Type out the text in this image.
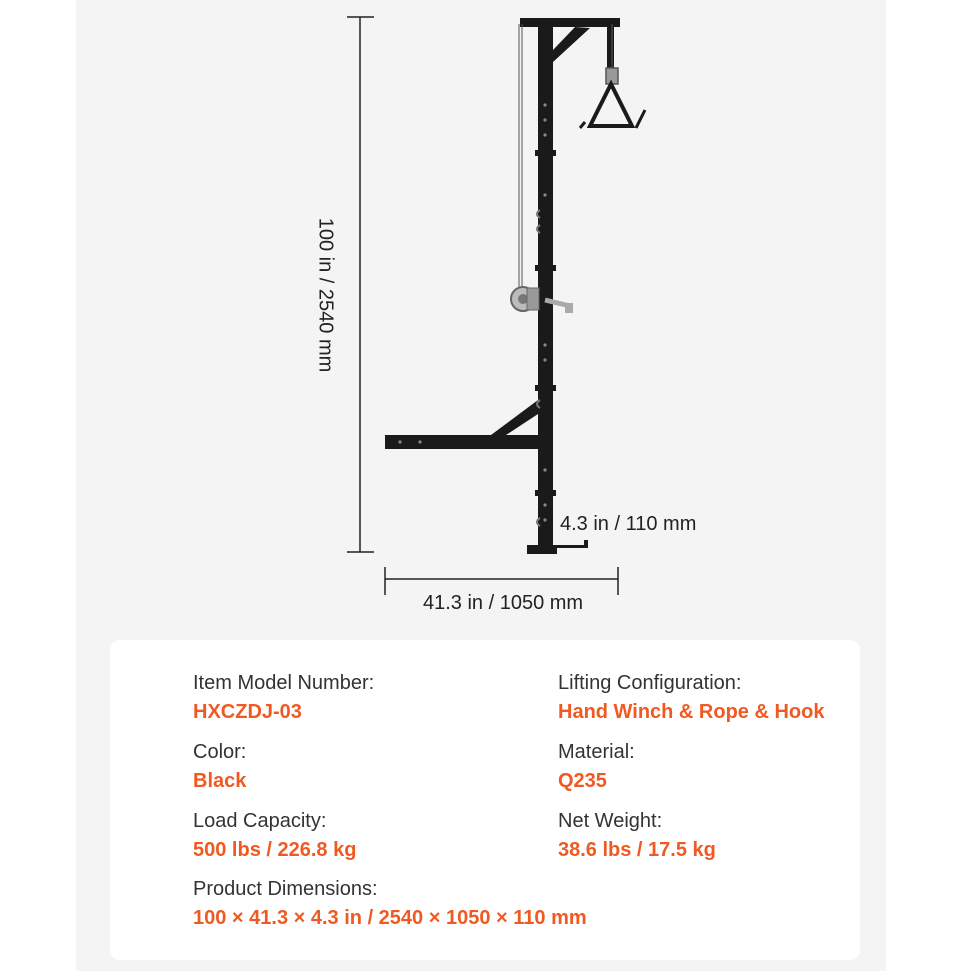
100 in / 2540 mm
41.3 in / 1050 mm
4.3 in / 110 mm
Item Model Number:
HXCZDJ-03
Lifting Configuration:
Hand Winch & Rope & Hook
Color:
Black
Material:
Q235
Load Capacity:
500 lbs / 226.8 kg
Net Weight:
38.6 lbs / 17.5 kg
Product Dimensions:
100 × 41.3 × 4.3 in / 2540 × 1050 × 110 mm
